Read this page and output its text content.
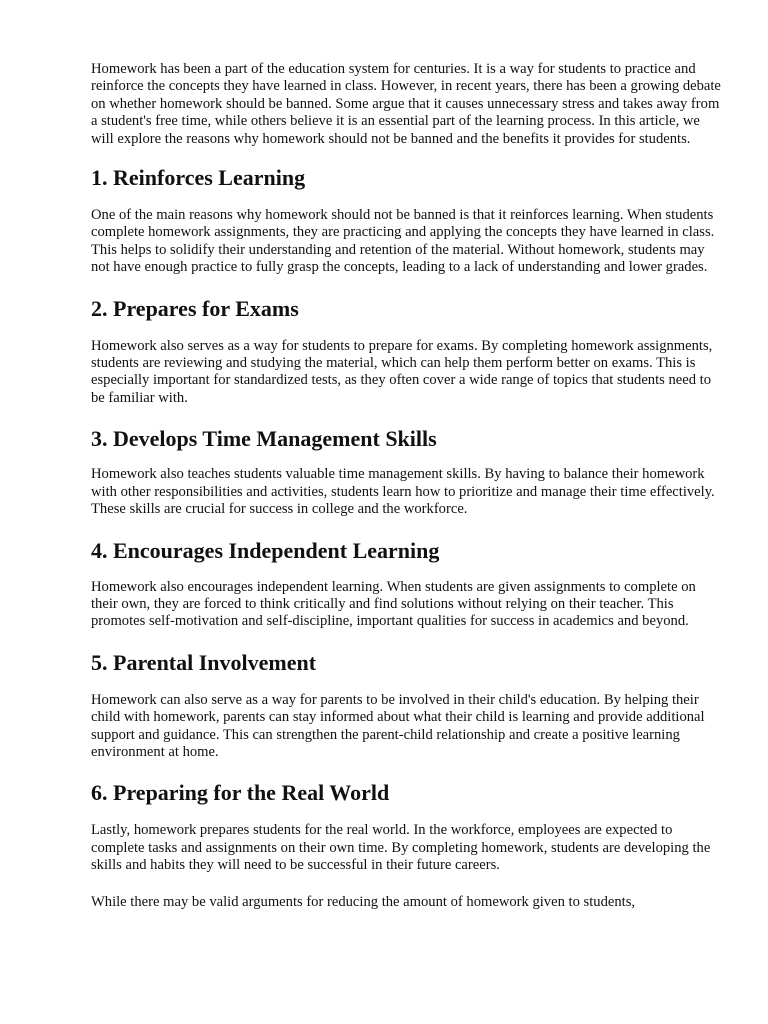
Homework has been a part of the education system for centuries. It is a way for students to practice and reinforce the concepts they have learned in class. However, in recent years, there has been a growing debate on whether homework should be banned. Some argue that it causes unnecessary stress and takes away from a student's free time, while others believe it is an essential part of the learning process. In this article, we will explore the reasons why homework should not be banned and the benefits it provides for students.

1. Reinforces Learning

One of the main reasons why homework should not be banned is that it reinforces learning. When students complete homework assignments, they are practicing and applying the concepts they have learned in class. This helps to solidify their understanding and retention of the material. Without homework, students may not have enough practice to fully grasp the concepts, leading to a lack of understanding and lower grades.

2. Prepares for Exams

Homework also serves as a way for students to prepare for exams. By completing homework assignments, students are reviewing and studying the material, which can help them perform better on exams. This is especially important for standardized tests, as they often cover a wide range of topics that students need to be familiar with.

3. Develops Time Management Skills

Homework also teaches students valuable time management skills. By having to balance their homework with other responsibilities and activities, students learn how to prioritize and manage their time effectively. These skills are crucial for success in college and the workforce.

4. Encourages Independent Learning

Homework also encourages independent learning. When students are given assignments to complete on their own, they are forced to think critically and find solutions without relying on their teacher. This promotes self-motivation and self-discipline, important qualities for success in academics and beyond.

5. Parental Involvement

Homework can also serve as a way for parents to be involved in their child's education. By helping their child with homework, parents can stay informed about what their child is learning and provide additional support and guidance. This can strengthen the parent-child relationship and create a positive learning environment at home.

6. Preparing for the Real World

Lastly, homework prepares students for the real world. In the workforce, employees are expected to complete tasks and assignments on their own time. By completing homework, students are developing the skills and habits they will need to be successful in their future careers.

While there may be valid arguments for reducing the amount of homework given to students,
